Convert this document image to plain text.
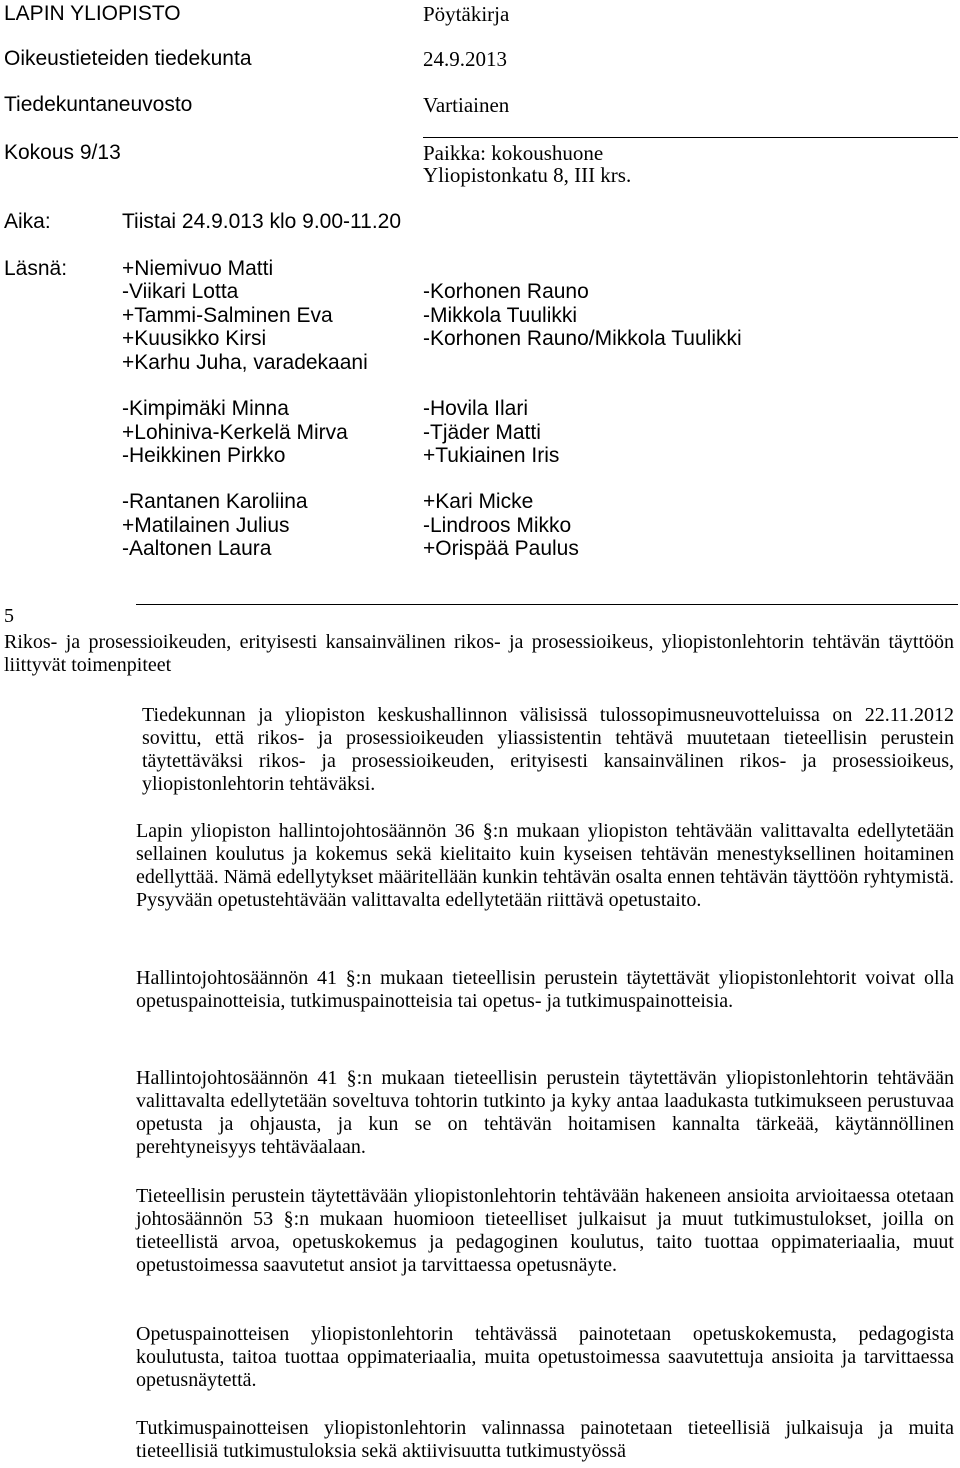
LAPIN YLIOPISTO	Pöytäkirja
Oikeustieteiden tiedekunta	24.9.2013
Tiedekuntaneuvosto	Vartiainen
Kokous 9/13	Paikka: kokoushuone
Yliopistonkatu 8, III krs.
Aika:	Tiistai 24.9.013 klo 9.00-11.20
Läsnä:	+Niemivuo Matti
-Viikari Lotta	-Korhonen Rauno
+Tammi-Salminen Eva	-Mikkola Tuulikki
+Kuusikko Kirsi	-Korhonen Rauno/Mikkola Tuulikki
+Karhu Juha, varadekaani
-Kimpimäki Minna	-Hovila Ilari
+Lohiniva-Kerkelä Mirva	-Tjäder Matti
-Heikkinen Pirkko	+Tukiainen Iris
-Rantanen Karoliina	+Kari Micke
+Matilainen Julius	-Lindroos Mikko
-Aaltonen Laura	+Orispää Paulus
5
Rikos- ja prosessioikeuden, erityisesti kansainvälinen rikos- ja prosessioikeus, yliopistonlehtorin tehtävän täyttöön liittyvät toimenpiteet
Tiedekunnan ja yliopiston keskushallinnon välisissä tulossopimusneuvotteluissa on 22.11.2012 sovittu, että rikos- ja prosessioikeuden yliassistentin tehtävä muutetaan tieteellisin perustein täytettäväksi rikos- ja prosessioikeuden, erityisesti kansainvälinen rikos- ja prosessioikeus, yliopistonlehtorin tehtäväksi.
Lapin yliopiston hallintojohtosäännön 36 §:n mukaan yliopiston tehtävään valittavalta edellytetään sellainen koulutus ja kokemus sekä kielitaito kuin kyseisen tehtävän menestyksellinen hoitaminen edellyttää. Nämä edellytykset määritellään kunkin tehtävän osalta ennen tehtävän täyttöön ryhtymistä. Pysyvään opetustehtävään valittavalta edellytetään riittävä opetustaito.
Hallintojohtosäännön 41 §:n mukaan tieteellisin perustein täytettävät yliopistonlehtorit voivat olla opetuspainotteisia, tutkimuspainotteisia tai opetus- ja tutkimuspainotteisia.
Hallintojohtosäännön 41 §:n mukaan tieteellisin perustein täytettävän yliopistonlehtorin tehtävään valittavalta edellytetään soveltuva tohtorin tutkinto ja kyky antaa laadukasta tutkimukseen perustuvaa opetusta ja ohjausta, ja kun se on tehtävän hoitamisen kannalta tärkeää, käytännöllinen perehtyneisyys tehtäväalaan.
Tieteellisin perustein täytettävään yliopistonlehtorin tehtävään hakeneen ansioita arvioitaessa otetaan johtosäännön 53 §:n mukaan huomioon tieteelliset julkaisut ja muut tutkimustulokset, joilla on tieteellistä arvoa, opetuskokemus ja pedagoginen koulutus, taito tuottaa oppimateriaalia, muut opetustoimessa saavutetut ansiot ja tarvittaessa opetusnäyte.
Opetuspainotteisen yliopistonlehtorin tehtävässä painotetaan opetuskokemusta, pedagogista koulutusta, taitoa tuottaa oppimateriaalia, muita opetustoimessa saavutettuja ansioita ja tarvittaessa opetusnäytettä.
Tutkimuspainotteisen yliopistonlehtorin valinnassa painotetaan tieteellisiä julkaisuja ja muita tieteellisiä tutkimustuloksia sekä aktiivisuutta tutkimustyössä
